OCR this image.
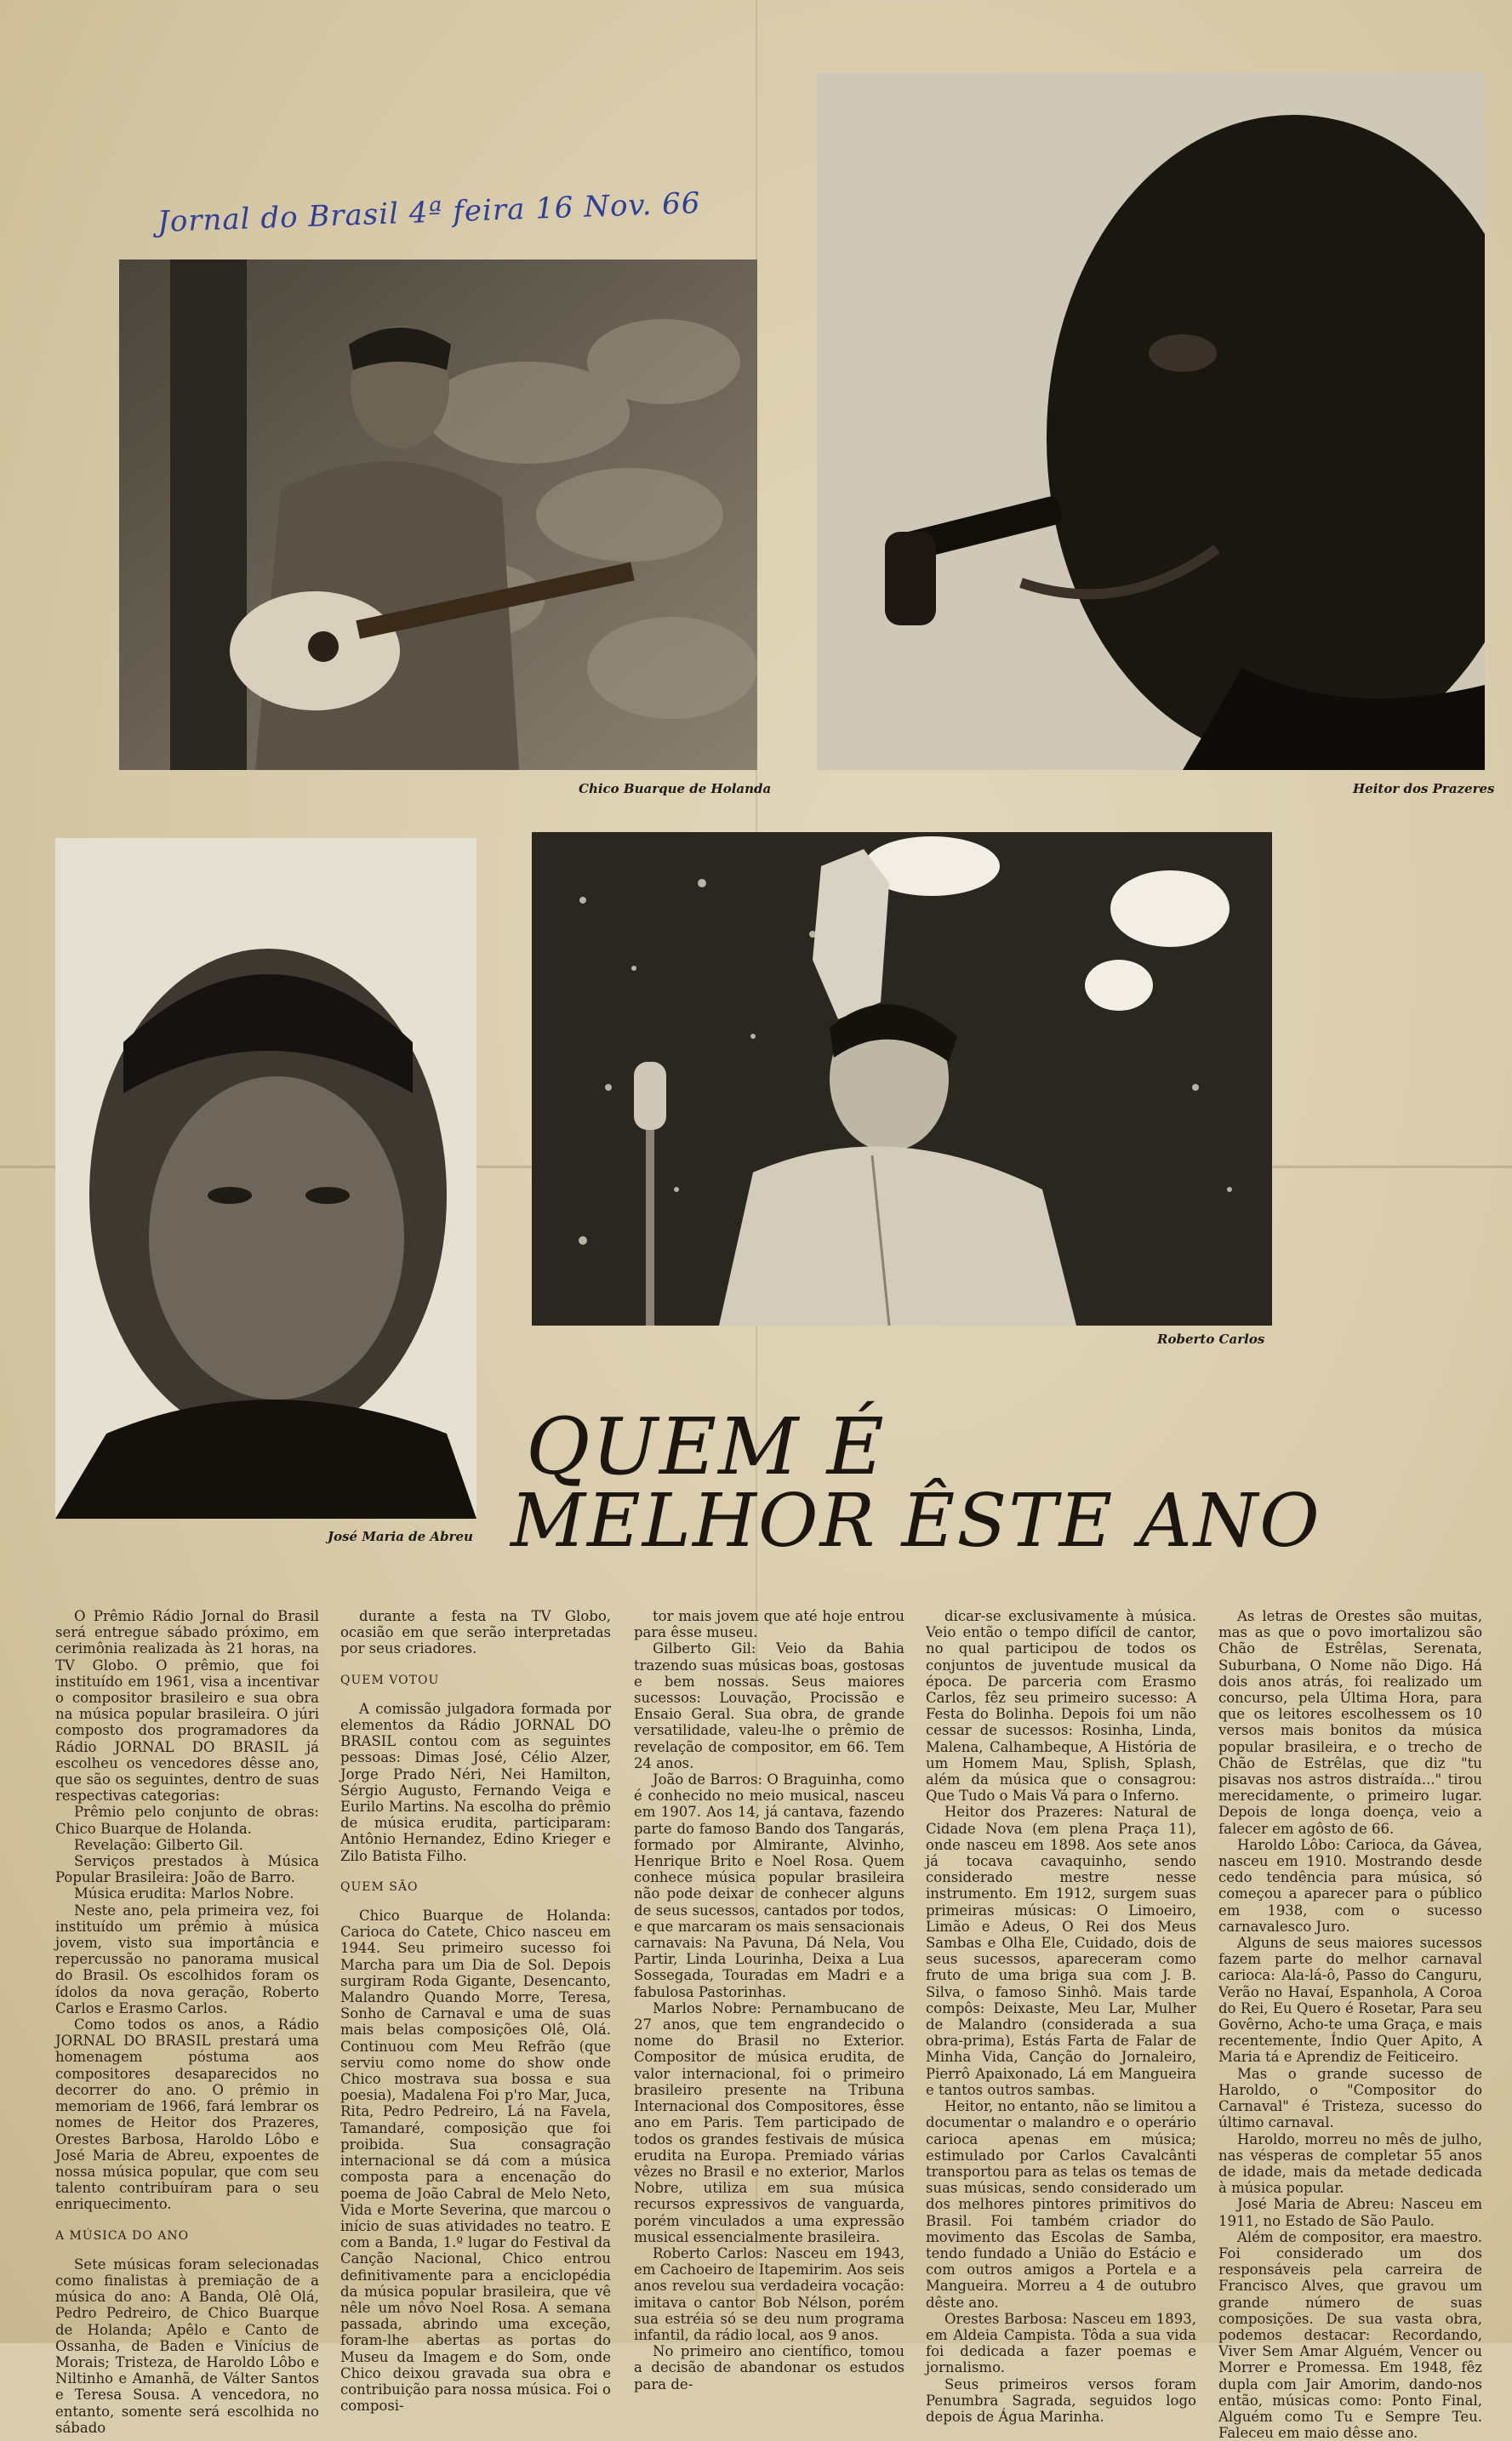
Jornal do Brasil 4ª feira 16 Nov. 66
Chico Buarque de Holanda	Heitor dos Prazeres
José Maria de Abreu
Roberto Carlos
QUEM É
MELHOR ÊSTE ANO

O Prêmio Rádio Jornal do Brasil será entregue sábado próximo, em cerimônia realizada às 21 horas, na TV Globo. O prêmio, que foi instituído em 1961, visa a incentivar o compositor brasileiro e sua obra na música popular brasileira. O júri composto dos programadores da Rádio JORNAL DO BRASIL já escolheu os vencedores dêsse ano, que são os seguintes, dentro de suas respectivas categorias:

Prêmio pelo conjunto de obras: Chico Buarque de Holanda.

Revelação: Gilberto Gil.

Serviços prestados à Música Popular Brasileira: João de Barro.

Música erudita: Marlos Nobre.

Neste ano, pela primeira vez, foi instituído um prêmio à música jovem, visto sua importância e repercussão no panorama musical do Brasil. Os escolhidos foram os ídolos da nova geração, Roberto Carlos e Erasmo Carlos.

Como todos os anos, a Rádio JORNAL DO BRASIL prestará uma homenagem póstuma aos compositores desaparecidos no decorrer do ano. O prêmio in memoriam de 1966, fará lembrar os nomes de Heitor dos Prazeres, Orestes Barbosa, Haroldo Lôbo e José Maria de Abreu, expoentes de nossa música popular, que com seu talento contribuíram para o seu enriquecimento.

A MÚSICA DO ANO

Sete músicas foram selecionadas como finalistas à premiação de a música do ano: A Banda, Olê Olá, Pedro Pedreiro, de Chico Buarque de Holanda; Apêlo e Canto de Ossanha, de Baden e Vinícius de Morais; Tristeza, de Haroldo Lôbo e Niltinho e Amanhã, de Válter Santos e Teresa Sousa. A vencedora, no entanto, somente será escolhida no sábado

durante a festa na TV Globo, ocasião em que serão interpretadas por seus criadores.

QUEM VOTOU

A comissão julgadora formada por elementos da Rádio JORNAL DO BRASIL contou com as seguintes pessoas: Dimas José, Célio Alzer, Jorge Prado Néri, Nei Hamilton, Sérgio Augusto, Fernando Veiga e Eurilo Martins. Na escolha do prêmio de música erudita, participaram: Antônio Hernandez, Edino Krieger e Zilo Batista Filho.

QUEM SÃO

Chico Buarque de Holanda: Carioca do Catete, Chico nasceu em 1944. Seu primeiro sucesso foi Marcha para um Dia de Sol. Depois surgiram Roda Gigante, Desencanto, Malandro Quando Morre, Teresa, Sonho de Carnaval e uma de suas mais belas composições Olê, Olá. Continuou com Meu Refrão (que serviu como nome do show onde Chico mostrava sua bossa e sua poesia), Madalena Foi p'ro Mar, Juca, Rita, Pedro Pedreiro, Lá na Favela, Tamandaré, composição que foi proibida. Sua consagração internacional se dá com a música composta para a encenação do poema de João Cabral de Melo Neto, Vida e Morte Severina, que marcou o início de suas atividades no teatro. E com a Banda, 1.º lugar do Festival da Canção Nacional, Chico entrou definitivamente para a enciclopédia da música popular brasileira, que vê nêle um nôvo Noel Rosa. A semana passada, abrindo uma exceção, foram-lhe abertas as portas do Museu da Imagem e do Som, onde Chico deixou gravada sua obra e contribuição para nossa música. Foi o composi-

tor mais jovem que até hoje entrou para êsse museu.

Gilberto Gil: Veio da Bahia trazendo suas músicas boas, gostosas e bem nossas. Seus maiores sucessos: Louvação, Procissão e Ensaio Geral. Sua obra, de grande versatilidade, valeu-lhe o prêmio de revelação de compositor, em 66. Tem 24 anos.

João de Barros: O Braguinha, como é conhecido no meio musical, nasceu em 1907. Aos 14, já cantava, fazendo parte do famoso Bando dos Tangarás, formado por Almirante, Alvinho, Henrique Brito e Noel Rosa. Quem conhece música popular brasileira não pode deixar de conhecer alguns de seus sucessos, cantados por todos, e que marcaram os mais sensacionais carnavais: Na Pavuna, Dá Nela, Vou Partir, Linda Lourinha, Deixa a Lua Sossegada, Touradas em Madri e a fabulosa Pastorinhas.

Marlos Nobre: Pernambucano de 27 anos, que tem engrandecido o nome do Brasil no Exterior. Compositor de música erudita, de valor internacional, foi o primeiro brasileiro presente na Tribuna Internacional dos Compositores, êsse ano em Paris. Tem participado de todos os grandes festivais de música erudita na Europa. Premiado várias vêzes no Brasil e no exterior, Marlos Nobre, utiliza em sua música recursos expressivos de vanguarda, porém vinculados a uma expressão musical essencialmente brasileira.

Roberto Carlos: Nasceu em 1943, em Cachoeiro de Itapemirim. Aos seis anos revelou sua verdadeira vocação: imitava o cantor Bob Nélson, porém sua estréia só se deu num programa infantil, da rádio local, aos 9 anos.

No primeiro ano científico, tomou a decisão de abandonar os estudos para de-

dicar-se exclusivamente à música. Veio então o tempo difícil de cantor, no qual participou de todos os conjuntos de juventude musical da época. De parceria com Erasmo Carlos, fêz seu primeiro sucesso: A Festa do Bolinha. Depois foi um não cessar de sucessos: Rosinha, Linda, Malena, Calhambeque, A História de um Homem Mau, Splish, Splash, além da música que o consagrou: Que Tudo o Mais Vá para o Inferno.

Heitor dos Prazeres: Natural de Cidade Nova (em plena Praça 11), onde nasceu em 1898. Aos sete anos já tocava cavaquinho, sendo considerado mestre nesse instrumento. Em 1912, surgem suas primeiras músicas: O Limoeiro, Limão e Adeus, O Rei dos Meus Sambas e Olha Ele, Cuidado, dois de seus sucessos, apareceram como fruto de uma briga sua com J. B. Silva, o famoso Sinhô. Mais tarde compôs: Deixaste, Meu Lar, Mulher de Malandro (considerada a sua obra-prima), Estás Farta de Falar de Minha Vida, Canção do Jornaleiro, Pierrô Apaixonado, Lá em Mangueira e tantos outros sambas.

Heitor, no entanto, não se limitou a documentar o malandro e o operário carioca apenas em música; estimulado por Carlos Cavalcânti transportou para as telas os temas de suas músicas, sendo considerado um dos melhores pintores primitivos do Brasil. Foi também criador do movimento das Escolas de Samba, tendo fundado a União do Estácio e com outros amigos a Portela e a Mangueira. Morreu a 4 de outubro dêste ano.

Orestes Barbosa: Nasceu em 1893, em Aldeia Campista. Tôda a sua vida foi dedicada a fazer poemas e jornalismo.

Seus primeiros versos foram Penumbra Sagrada, seguidos logo depois de Água Marinha.

As letras de Orestes são muitas, mas as que o povo imortalizou são Chão de Estrêlas, Serenata, Suburbana, O Nome não Digo. Há dois anos atrás, foi realizado um concurso, pela Última Hora, para que os leitores escolhessem os 10 versos mais bonitos da música popular brasileira, e o trecho de Chão de Estrêlas, que diz "tu pisavas nos astros distraída..." tirou merecidamente, o primeiro lugar. Depois de longa doença, veio a falecer em agôsto de 66.

Haroldo Lôbo: Carioca, da Gávea, nasceu em 1910. Mostrando desde cedo tendência para música, só começou a aparecer para o público em 1938, com o sucesso carnavalesco Juro.

Alguns de seus maiores sucessos fazem parte do melhor carnaval carioca: Ala-lá-ô, Passo do Canguru, Verão no Havaí, Espanhola, A Coroa do Rei, Eu Quero é Rosetar, Para seu Govêrno, Acho-te uma Graça, e mais recentemente, Índio Quer Apito, A Maria tá e Aprendiz de Feiticeiro.

Mas o grande sucesso de Haroldo, o "Compositor do Carnaval" é Tristeza, sucesso do último carnaval.

Haroldo, morreu no mês de julho, nas vésperas de completar 55 anos de idade, mais da metade dedicada à música popular.

José Maria de Abreu: Nasceu em 1911, no Estado de São Paulo.

Além de compositor, era maestro. Foi considerado um dos responsáveis pela carreira de Francisco Alves, que gravou um grande número de suas composições. De sua vasta obra, podemos destacar: Recordando, Viver Sem Amar Alguém, Vencer ou Morrer e Promessa. Em 1948, fêz dupla com Jair Amorim, dando-nos então, músicas como: Ponto Final, Alguém como Tu e Sempre Teu. Faleceu em maio dêsse ano.
